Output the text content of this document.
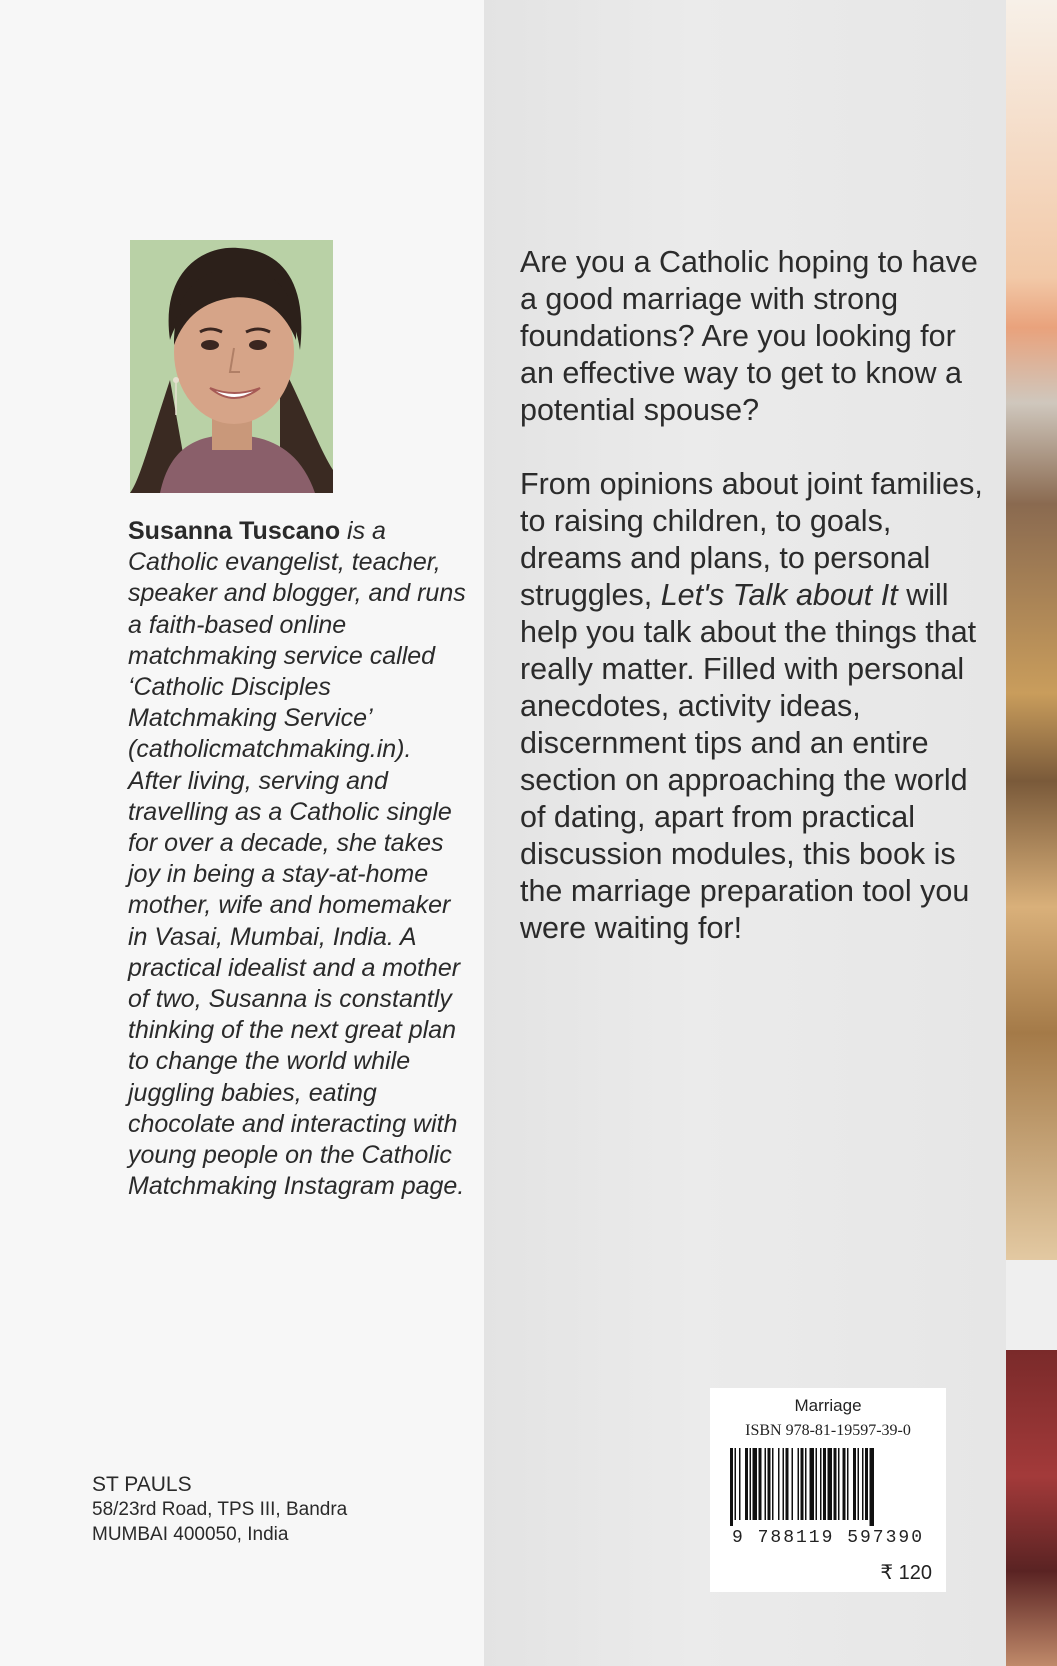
Susanna Tuscano is a Catholic evangelist, teacher, speaker and blogger, and runs a faith-based online matchmaking service called ‘Catholic Disciples Matchmaking Service’ (catholicmatchmaking.in). After living, serving and travelling as a Catholic single for over a decade, she takes joy in being a stay-at-home mother, wife and homemaker in Vasai, Mumbai, India. A practical idealist and a mother of two, Susanna is constantly thinking of the next great plan to change the world while juggling babies, eating chocolate and interacting with young people on the Catholic Matchmaking Instagram page.

Are you a Catholic hoping to have a good marriage with strong foundations? Are you looking for an effective way to get to know a potential spouse?

From opinions about joint families, to raising children, to goals, dreams and plans, to personal struggles, Let's Talk about It will help you talk about the things that really matter. Filled with personal anecdotes, activity ideas, discernment tips and an entire section on approaching the world of dating, apart from practical discussion modules, this book is the marriage preparation tool you were waiting for!

ST PAULS
58/23rd Road, TPS III, Bandra
MUMBAI 400050, India
Marriage
ISBN 978-81-19597-39-0
9 788119 597390
₹ 120
